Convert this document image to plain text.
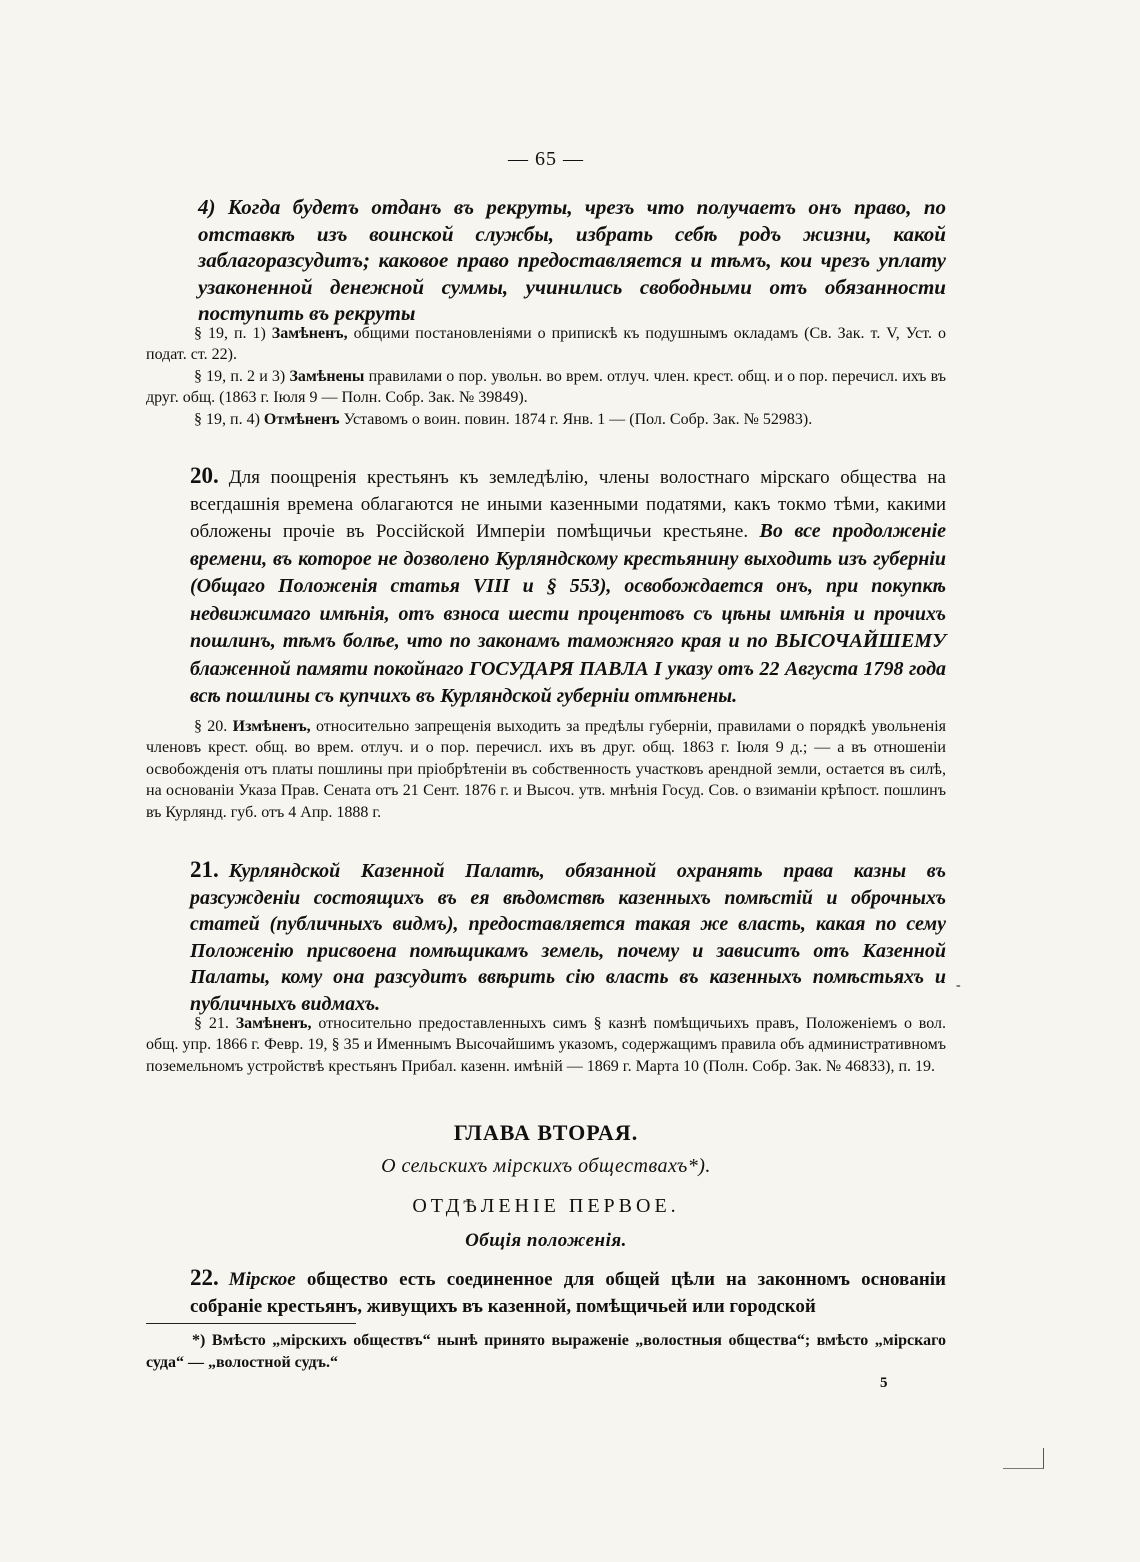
— 65 —

4) Когда будетъ отданъ въ рекруты, чрезъ что получаетъ онъ право, по отставкѣ изъ воинской службы, избрать себѣ родъ жизни, какой заблагоразсудитъ; каковое право предоставляется и тѣмъ, кои чрезъ уплату узаконенной денежной суммы, учинились свободными отъ обязанности поступить въ рекруты

§ 19, п. 1) Замѣненъ, общими постановленіями о припискѣ къ подушнымъ окладамъ (Св. Зак. т. V, Уст. о подат. ст. 22).

§ 19, п. 2 и 3) Замѣнены правилами о пор. увольн. во врем. отлуч. член. крест. общ. и о пор. перечисл. ихъ въ друг. общ. (1863 г. Іюля 9 — Полн. Собр. Зак. № 39849).

§ 19, п. 4) Отмѣненъ Уставомъ о воин. повин. 1874 г. Янв. 1 — (Пол. Собр. Зак. № 52983).

20. Для поощренія крестьянъ къ земледѣлію, члены волостнаго мірскаго общества на всегдашнія времена облагаются не иными казенными податями, какъ токмо тѣми, какими обложены прочіе въ Россійской Имперіи помѣщичьи крестьяне. Во все продолженіе времени, въ которое не дозволено Курляндскому крестьянину выходить изъ губерніи (Общаго Положенія статья VIII и § 553), освобождается онъ, при покупкѣ недвижимаго имѣнія, отъ взноса шести процентовъ съ цѣны имѣнія и прочихъ пошлинъ, тѣмъ болѣе, что по законамъ таможняго края и по ВЫСОЧАЙШЕМУ блаженной памяти покойнаго ГОСУДАРЯ ПАВЛА I указу отъ 22 Августа 1798 года всѣ пошлины съ купчихъ въ Курляндской губерніи отмѣнены.

§ 20. Измѣненъ, относительно запрещенія выходить за предѣлы губерніи, правилами о порядкѣ увольненія членовъ крест. общ. во врем. отлуч. и о пор. перечисл. ихъ въ друг. общ. 1863 г. Іюля 9 д.; — а въ отношеніи освобожденія отъ платы пошлины при пріобрѣтеніи въ собственность участковъ арендной земли, остается въ силѣ, на основаніи Указа Прав. Сената отъ 21 Сент. 1876 г. и Высоч. утв. мнѣнія Госуд. Сов. о взиманіи крѣпост. пошлинъ въ Курлянд. губ. отъ 4 Апр. 1888 г.

21. Курляндской Казенной Палатѣ, обязанной охранять права казны въ разсужденіи состоящихъ въ ея вѣдомствѣ казенныхъ помѣстій и оброчныхъ статей (публичныхъ видмъ), предоставляется такая же власть, какая по сему Положенію присвоена помѣщикамъ земель, почему и зависитъ отъ Казенной Палаты, кому она разсудитъ ввѣрить сію власть въ казенныхъ помѣстьяхъ и публичныхъ видмахъ.

§ 21. Замѣненъ, относительно предоставленныхъ симъ § казнѣ помѣщичьихъ правъ, Положеніемъ о вол. общ. упр. 1866 г. Февр. 19, § 35 и Именнымъ Высочайшимъ указомъ, содержащимъ правила объ административномъ поземельномъ устройствѣ крестьянъ Прибал. казенн. имѣній — 1869 г. Марта 10 (Полн. Собр. Зак. № 46833), п. 19.

ГЛАВА ВТОРАЯ.
О сельскихъ мірскихъ обществахъ*).
ОТДѢЛЕНІЕ ПЕРВОЕ.
Общія положенія.

22. Мірское общество есть соединенное для общей цѣли на законномъ основаніи собраніе крестьянъ, живущихъ въ казенной, помѣщичьей или городской

*) Вмѣсто „мірскихъ обществъ“ нынѣ принято выраженіе „волостныя общества“; вмѣсто „мірскаго суда“ — „волостной судъ.“

5
-
